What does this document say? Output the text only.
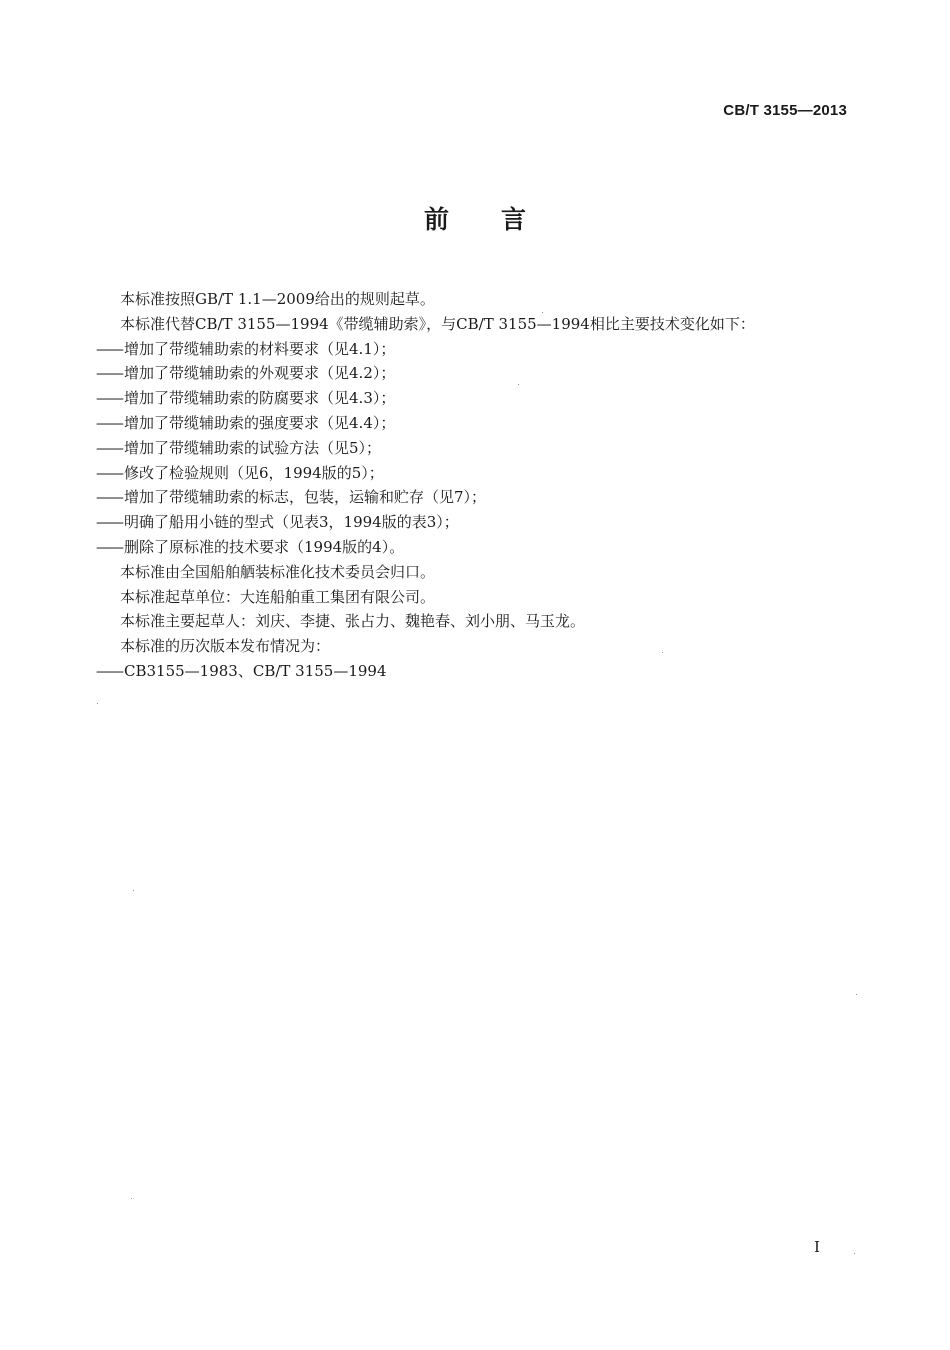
CB/T 3155—2013
前言
本标准按照GB/T 1.1—2009给出的规则起草。
本标准代替CB/T 3155—1994《带缆辅助索》，与CB/T 3155—1994相比主要技术变化如下：
—— 增加了带缆辅助索的材料要求（见4.1）；
—— 增加了带缆辅助索的外观要求（见4.2）；
—— 增加了带缆辅助索的防腐要求（见4.3）；
—— 增加了带缆辅助索的强度要求（见4.4）；
—— 增加了带缆辅助索的试验方法（见5）；
—— 修改了检验规则（见6，1994版的5）；
—— 增加了带缆辅助索的标志，包装，运输和贮存（见7）；
—— 明确了船用小链的型式（见表3，1994版的表3）；
—— 删除了原标准的技术要求（1994版的4）。
本标准由全国船舶舾装标准化技术委员会归口。
本标准起草单位：大连船舶重工集团有限公司。
本标准主要起草人：刘庆、李捷、张占力、魏艳春、刘小朋、马玉龙。
本标准的历次版本发布情况为：
—— CB3155—1983、CB/T 3155—1994
I
